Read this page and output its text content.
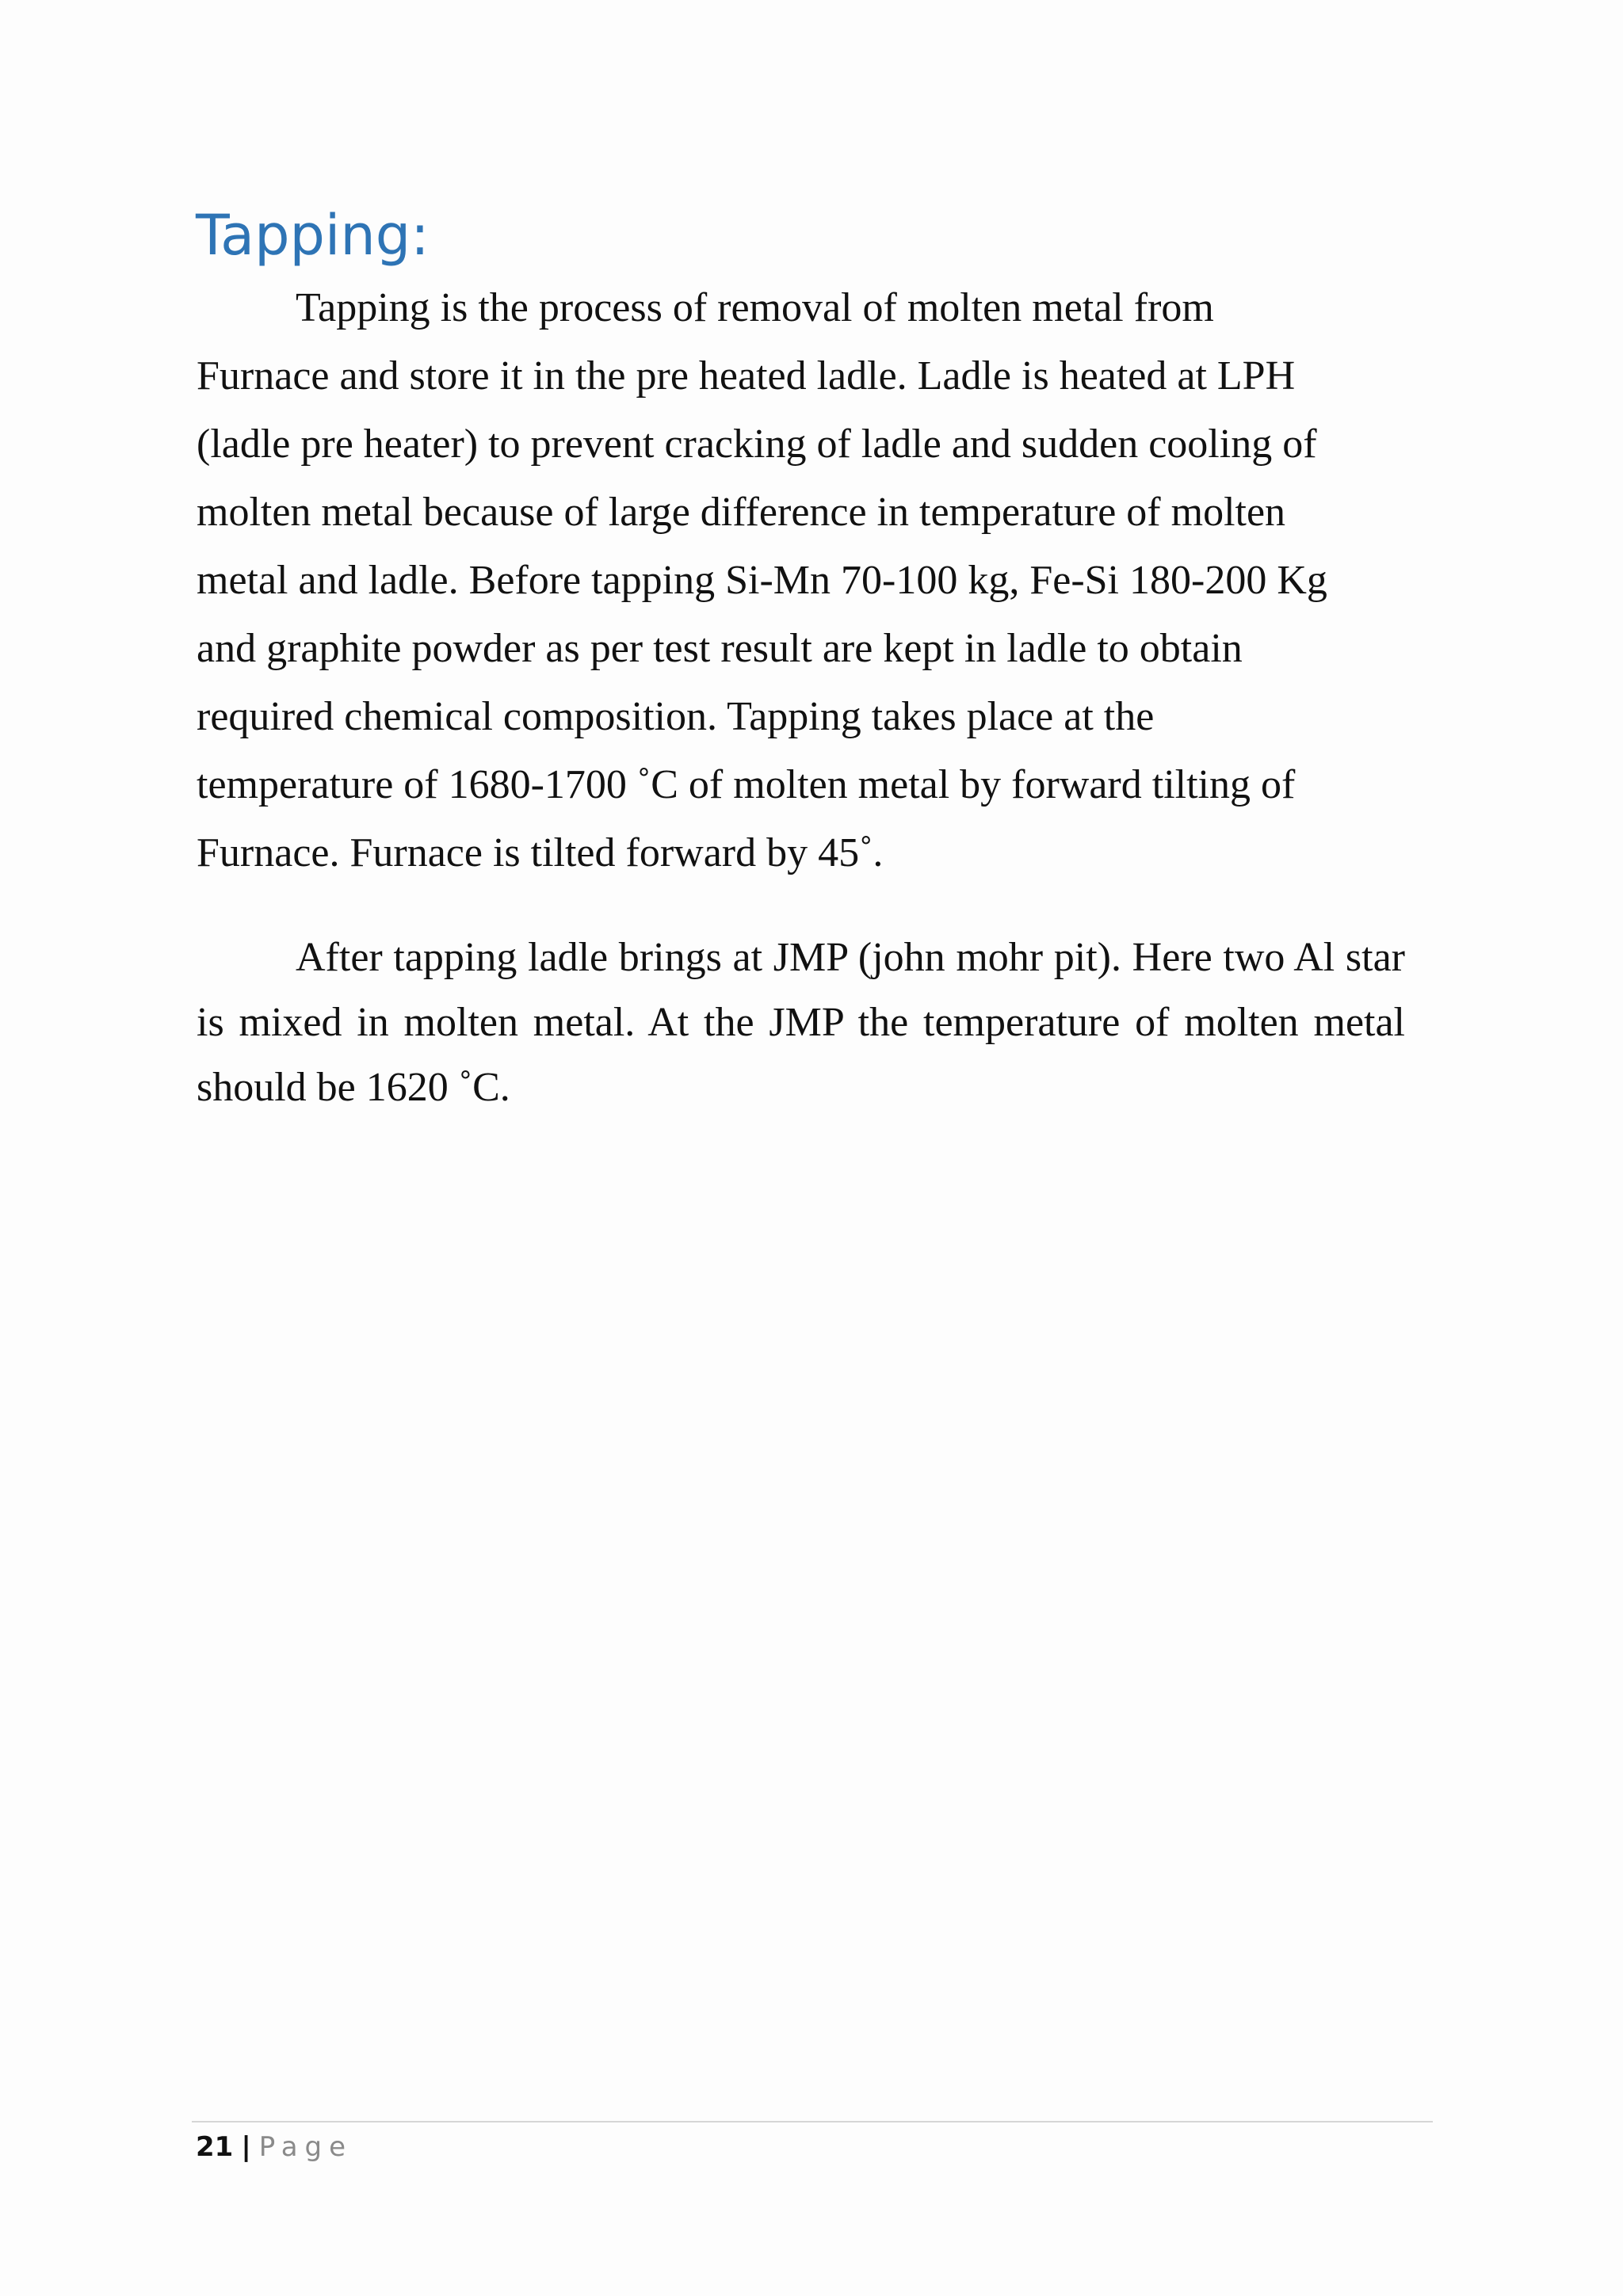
Tapping:
Tapping is the process of removal of molten metal from
Furnace and store it in the pre heated ladle. Ladle is heated at LPH
(ladle pre heater) to prevent cracking of ladle and sudden cooling of
molten metal because of large difference in temperature of molten
metal and ladle. Before tapping Si-Mn 70-100 kg, Fe-Si 180-200 Kg
and graphite powder as per test result are kept in ladle to obtain
required chemical composition. Tapping takes place at the
temperature of 1680-1700 ˚C of molten metal by forward tilting of
Furnace. Furnace is tilted forward by 45˚.

After tapping ladle brings at JMP (john mohr pit). Here two Al star is mixed in molten metal. At the JMP the temperature of molten metal should be 1620 ˚C.

21 | Page
